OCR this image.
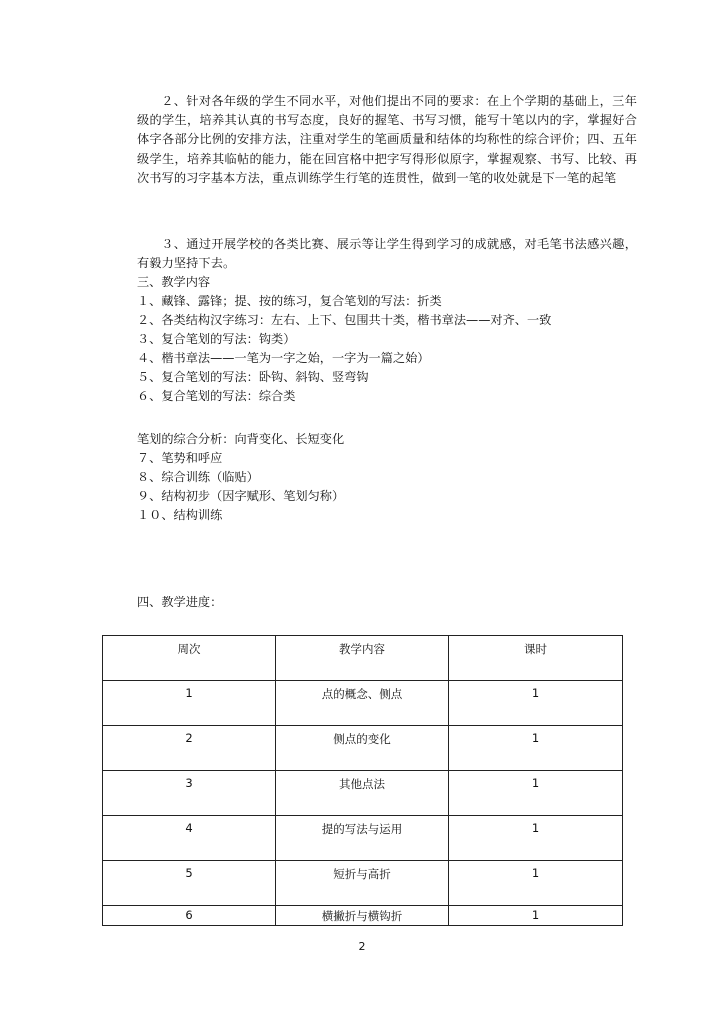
２、针对各年级的学生不同水平，对他们提出不同的要求：在上个学期的基础上，三年级的学生，培养其认真的书写态度，良好的握笔、书写习惯，能写十笔以内的字，掌握好合体字各部分比例的安排方法，注重对学生的笔画质量和结体的均称性的综合评价；四、五年级学生，培养其临帖的能力，能在回宫格中把字写得形似原字，掌握观察、书写、比较、再次书写的习字基本方法，重点训练学生行笔的连贯性，做到一笔的收处就是下一笔的起笔

３、通过开展学校的各类比赛、展示等让学生得到学习的成就感，对毛笔书法感兴趣，有毅力坚持下去。

三、教学内容

１、藏锋、露锋；提、按的练习，复合笔划的写法：折类

２、各类结构汉字练习：左右、上下、包围共十类，楷书章法——对齐、一致

３、复合笔划的写法：钩类）

４、楷书章法——一笔为一字之始，一字为一篇之始）

５、复合笔划的写法：卧钩、斜钩、竖弯钩

６、复合笔划的写法：综合类

笔划的综合分析：向背变化、长短变化

７、笔势和呼应

８、综合训练（临贴）

９、结构初步（因字赋形、笔划匀称）

１０、结构训练

四、教学进度：

周次	教学内容	课时
1	点的概念、侧点	1
2	侧点的变化	1
3	其他点法	1
4	提的写法与运用	1
5	短折与高折	1
6	横撇折与横钩折	1
2
